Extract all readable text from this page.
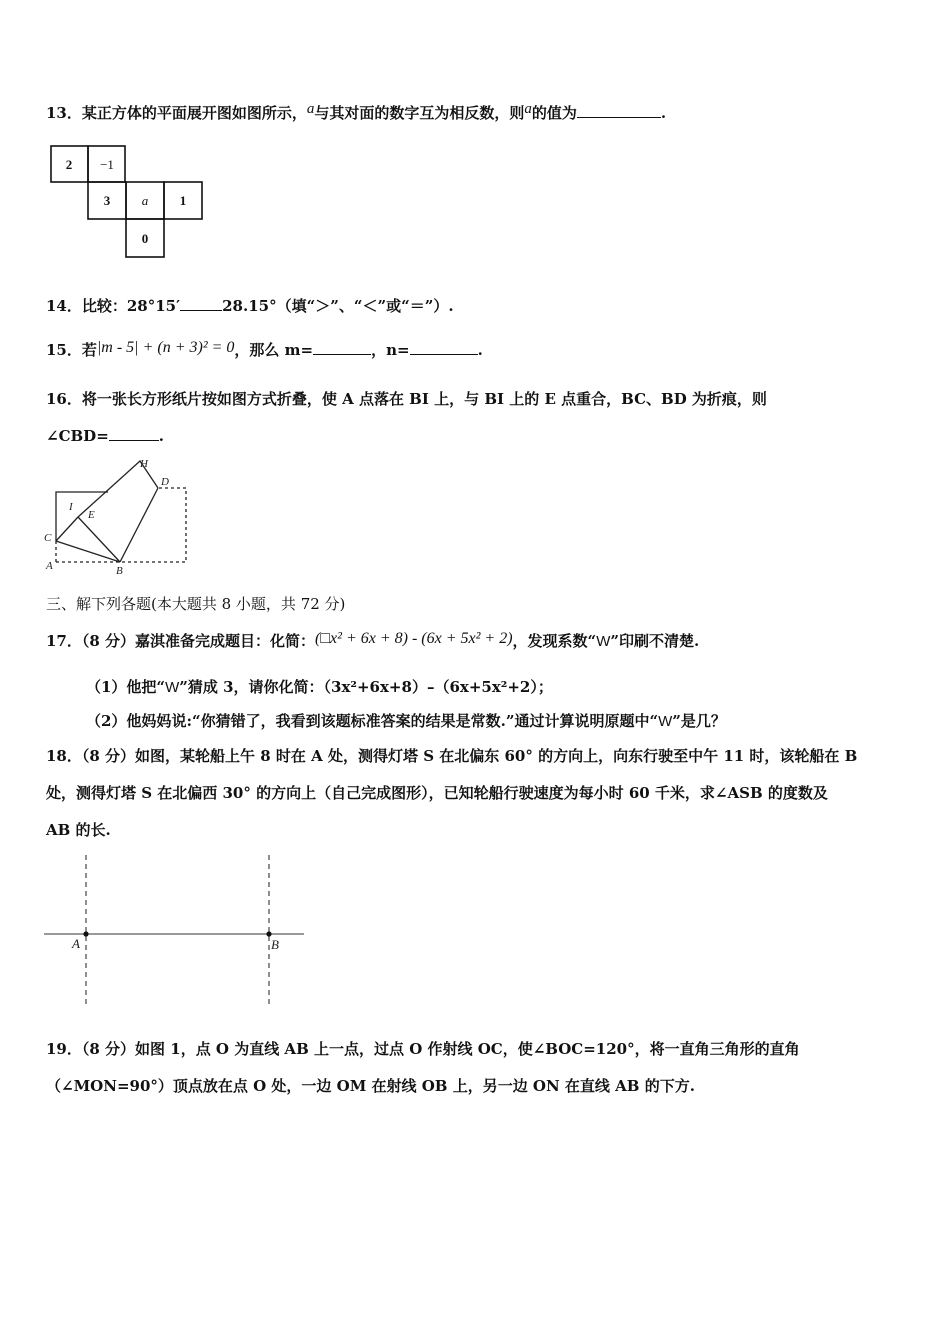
13．某正方体的平面展开图如图所示，a与其对面的数字互为相反数，则a的值为	.
2 −1
3 a 1
0
14．比较：28°15′	28.15°（填“＞”、“＜”或“＝”）.
15．若|m - 5| + (n + 3)² = 0，那么 m=	，n=	.
16．将一张长方形纸片按如图方式折叠，使 A 点落在 BI 上，与 BI 上的 E 点重合，BC、BD 为折痕，则
∠CBD=	.
H
D
I
E
C
A	B
三、解下列各题(本大题共 8 小题，共 72 分)
17．（8 分）嘉淇准备完成题目：化简：(□x² + 6x + 8) - (6x + 5x² + 2)，发现系数“W”印刷不清楚.
（1）他把“W”猜成 3，请你化简：（3x²+6x+8）–（6x+5x²+2）；
（2）他妈妈说:“你猜错了，我看到该题标准答案的结果是常数.”通过计算说明原题中“W”是几？
18．（8 分）如图，某轮船上午 8 时在 A 处，测得灯塔 S 在北偏东 60° 的方向上，向东行驶至中午 11 时，该轮船在 B
处，测得灯塔 S 在北偏西 30° 的方向上（自己完成图形），已知轮船行驶速度为每小时 60 千米，求∠ASB 的度数及
AB 的长.
A	B
19．（8 分）如图 1，点 O 为直线 AB 上一点，过点 O 作射线 OC，使∠BOC=120°，将一直角三角形的直角
（∠MON=90°）顶点放在点 O 处，一边 OM 在射线 OB 上，另一边 ON 在直线 AB 的下方.
